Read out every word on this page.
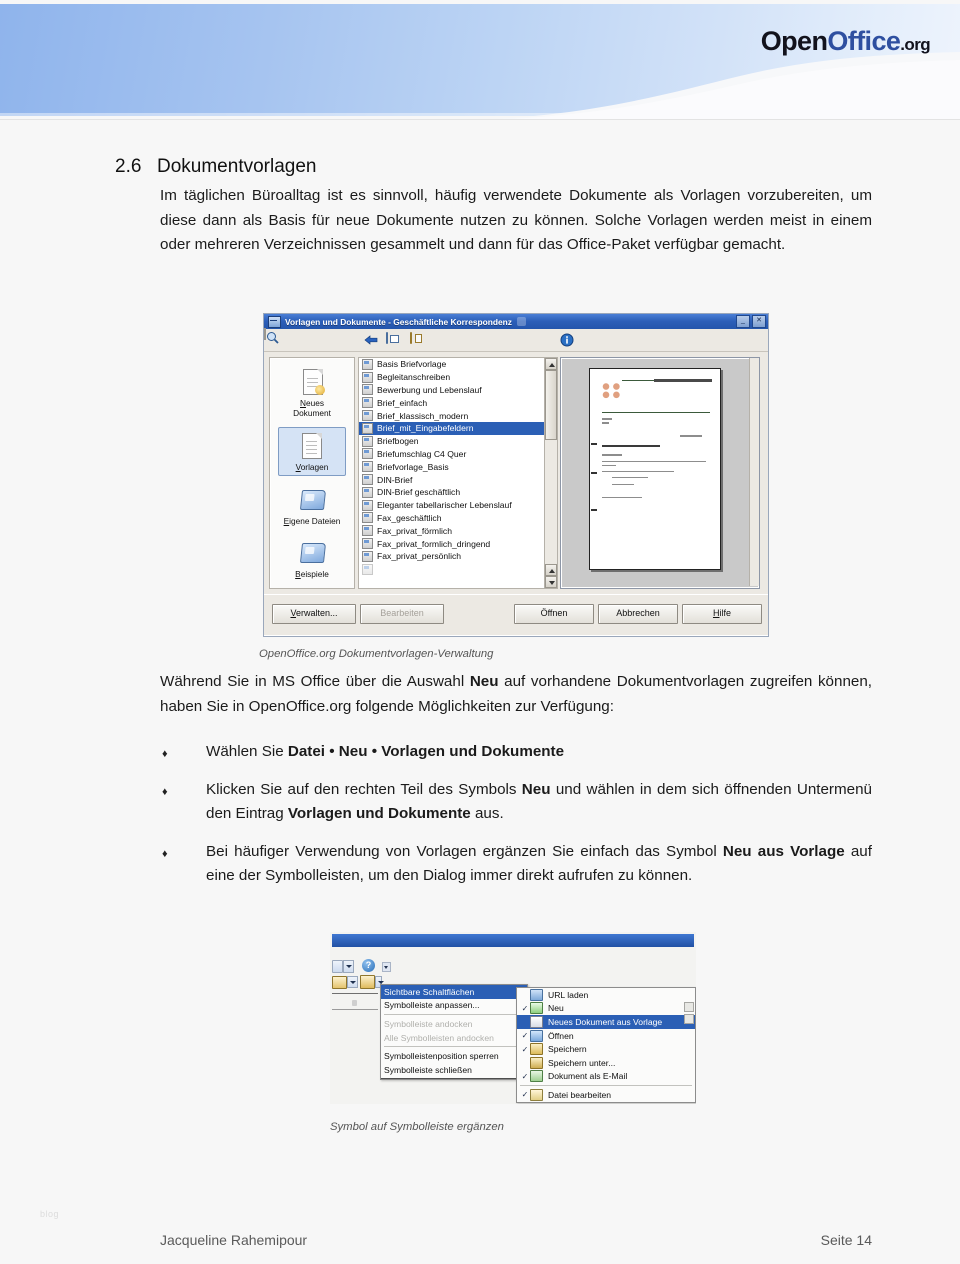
OpenOffice.org
2.6 Dokumentvorlagen
Im täglichen Büroalltag ist es sinnvoll, häufig verwendete Dokumente als Vorlagen vorzubereiten, um diese dann als Basis für neue Dokumente nutzen zu können. Solche Vorlagen werden meist in einem oder mehreren Verzeichnissen gesammelt und dann für das Office-Paket verfügbar gemacht.
OpenOffice.org Dokumentvorlagen-Verwaltung
Während Sie in MS Office über die Auswahl Neu auf vorhandene Dokumentvorlagen zugreifen können, haben Sie in OpenOffice.org folgende Möglichkeiten zur Verfügung:
♦	Wählen Sie Datei • Neu • Vorlagen und Dokumente
♦	Klicken Sie auf den rechten Teil des Symbols Neu und wählen in dem sich öffnenden Untermenü den Eintrag Vorlagen und Dokumente aus.
♦	Bei häufiger Verwendung von Vorlagen ergänzen Sie einfach das Symbol Neu aus Vorlage auf eine der Symbolleisten, um den Dialog immer direkt aufrufen zu können.
Symbol auf Symbolleiste ergänzen
Vorlagen und Dokumente - Geschäftliche Korrespondenz	_	✕
Neues
Dokument
Vorlagen
Eigene Dateien
Beispiele
Basis Briefvorlage
Begleitanschreiben
Bewerbung und Lebenslauf
Brief_einfach
Brief_klassisch_modern
Brief_mit_Eingabefeldern
Briefbogen
Briefumschlag C4 Quer
Briefvorlage_Basis
DIN-Brief
DIN-Brief geschäftlich
Eleganter tabellarischer Lebenslauf
Fax_geschäftlich
Fax_privat_förmlich
Fax_privat_formlich_dringend
Fax_privat_persönlich
Verwalten...	Bearbeiten	Öffnen	Abbrechen	Hilfe
?
Sichtbare Schaltflächen
Symbolleiste anpassen...
Symbolleiste andocken
Alle Symbolleisten andocken
Symbolleistenposition sperren
Symbolleiste schließen
URL laden
✓ Neu
Neues Dokument aus Vorlage
✓ Öffnen
✓ Speichern
Speichern unter...
✓ Dokument als E-Mail
✓ Datei bearbeiten
blog
Jacqueline Rahemipour	Seite 14
